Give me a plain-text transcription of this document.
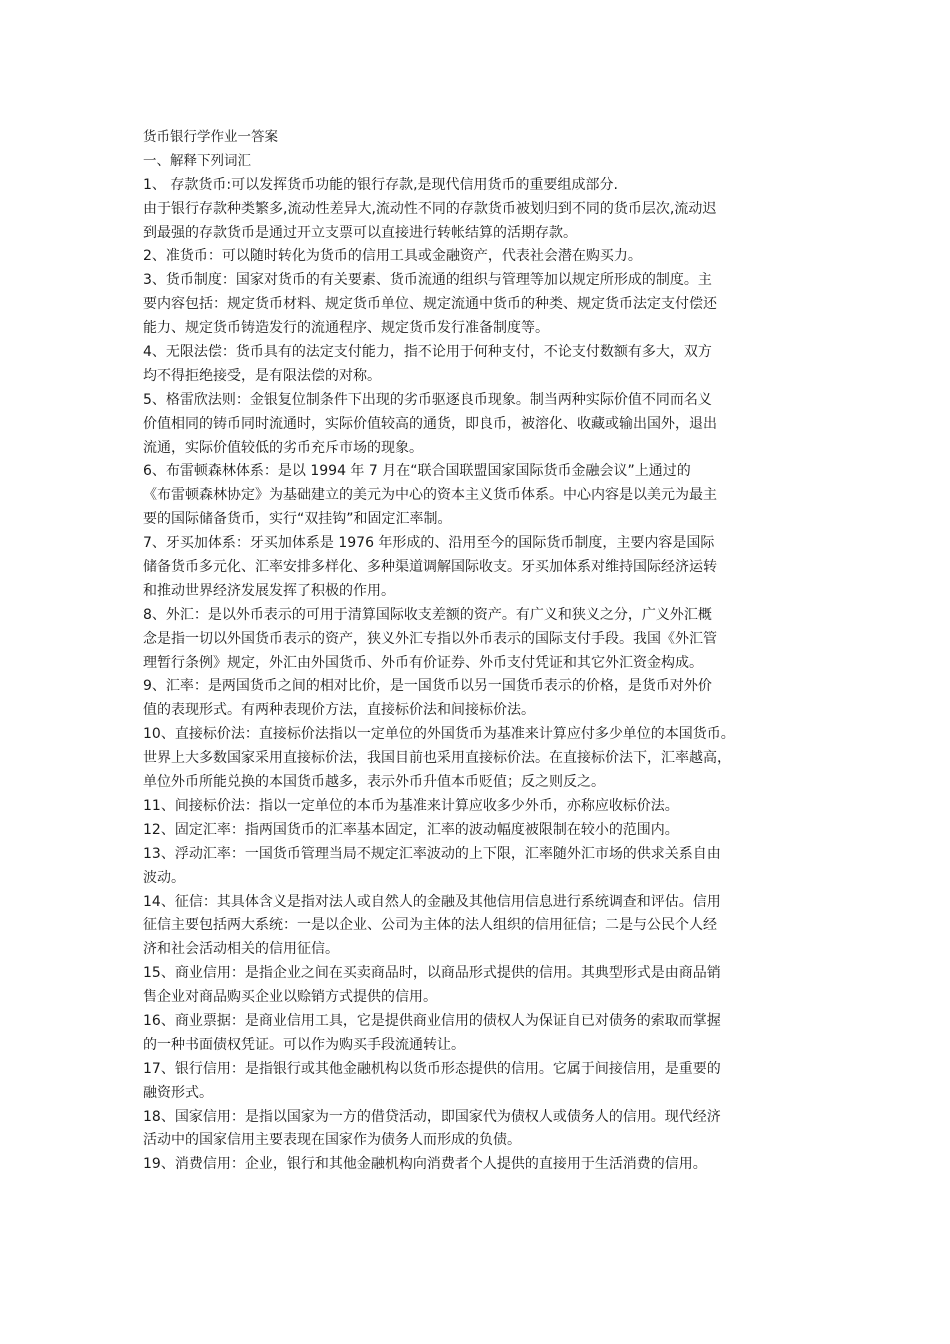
货币银行学作业一答案
一、解释下列词汇
1、 存款货币:可以发挥货币功能的银行存款,是现代信用货币的重要组成部分.
由于银行存款种类繁多,流动性差异大,流动性不同的存款货币被划归到不同的货币层次,流动迟
到最强的存款货币是通过开立支票可以直接进行转帐结算的活期存款。
2、准货币：可以随时转化为货币的信用工具或金融资产，代表社会潜在购买力。
3、货币制度：国家对货币的有关要素、货币流通的组织与管理等加以规定所形成的制度。主
要内容包括：规定货币材料、规定货币单位、规定流通中货币的种类、规定货币法定支付偿还
能力、规定货币铸造发行的流通程序、规定货币发行准备制度等。
4、无限法偿：货币具有的法定支付能力，指不论用于何种支付，不论支付数额有多大，双方
均不得拒绝接受，是有限法偿的对称。
5、格雷欣法则：金银复位制条件下出现的劣币驱逐良币现象。制当两种实际价值不同而名义
价值相同的铸币同时流通时，实际价值较高的通货，即良币，被溶化、收藏或输出国外，退出
流通，实际价值较低的劣币充斥市场的现象。
6、布雷顿森林体系：是以 1994 年 7 月在“联合国联盟国家国际货币金融会议”上通过的
《布雷顿森林协定》为基础建立的美元为中心的资本主义货币体系。中心内容是以美元为最主
要的国际储备货币，实行“双挂钩”和固定汇率制。
7、牙买加体系：牙买加体系是 1976 年形成的、沿用至今的国际货币制度，主要内容是国际
储备货币多元化、汇率安排多样化、多种渠道调解国际收支。牙买加体系对维持国际经济运转
和推动世界经济发展发挥了积极的作用。
8、外汇：是以外币表示的可用于清算国际收支差额的资产。有广义和狭义之分，广义外汇概
念是指一切以外国货币表示的资产，狭义外汇专指以外币表示的国际支付手段。我国《外汇管
理暂行条例》规定，外汇由外国货币、外币有价证券、外币支付凭证和其它外汇资金构成。
9、汇率：是两国货币之间的相对比价，是一国货币以另一国货币表示的价格，是货币对外价
值的表现形式。有两种表现价方法，直接标价法和间接标价法。
10、直接标价法：直接标价法指以一定单位的外国货币为基准来计算应付多少单位的本国货币。
世界上大多数国家采用直接标价法，我国目前也采用直接标价法。在直接标价法下，汇率越高，
单位外币所能兑换的本国货币越多，表示外币升值本币贬值；反之则反之。
11、间接标价法：指以一定单位的本币为基准来计算应收多少外币，亦称应收标价法。
12、固定汇率：指两国货币的汇率基本固定，汇率的波动幅度被限制在较小的范围内。
13、浮动汇率：一国货币管理当局不规定汇率波动的上下限，汇率随外汇市场的供求关系自由
波动。
14、征信：其具体含义是指对法人或自然人的金融及其他信用信息进行系统调查和评估。信用
征信主要包括两大系统：一是以企业、公司为主体的法人组织的信用征信；二是与公民个人经
济和社会活动相关的信用征信。
15、商业信用：是指企业之间在买卖商品时，以商品形式提供的信用。其典型形式是由商品销
售企业对商品购买企业以赊销方式提供的信用。
16、商业票据：是商业信用工具，它是提供商业信用的债权人为保证自已对债务的索取而掌握
的一种书面债权凭证。可以作为购买手段流通转让。
17、银行信用：是指银行或其他金融机构以货币形态提供的信用。它属于间接信用，是重要的
融资形式。
18、国家信用：是指以国家为一方的借贷活动，即国家代为债权人或债务人的信用。现代经济
活动中的国家信用主要表现在国家作为债务人而形成的负债。
19、消费信用：企业，银行和其他金融机构向消费者个人提供的直接用于生活消费的信用。
